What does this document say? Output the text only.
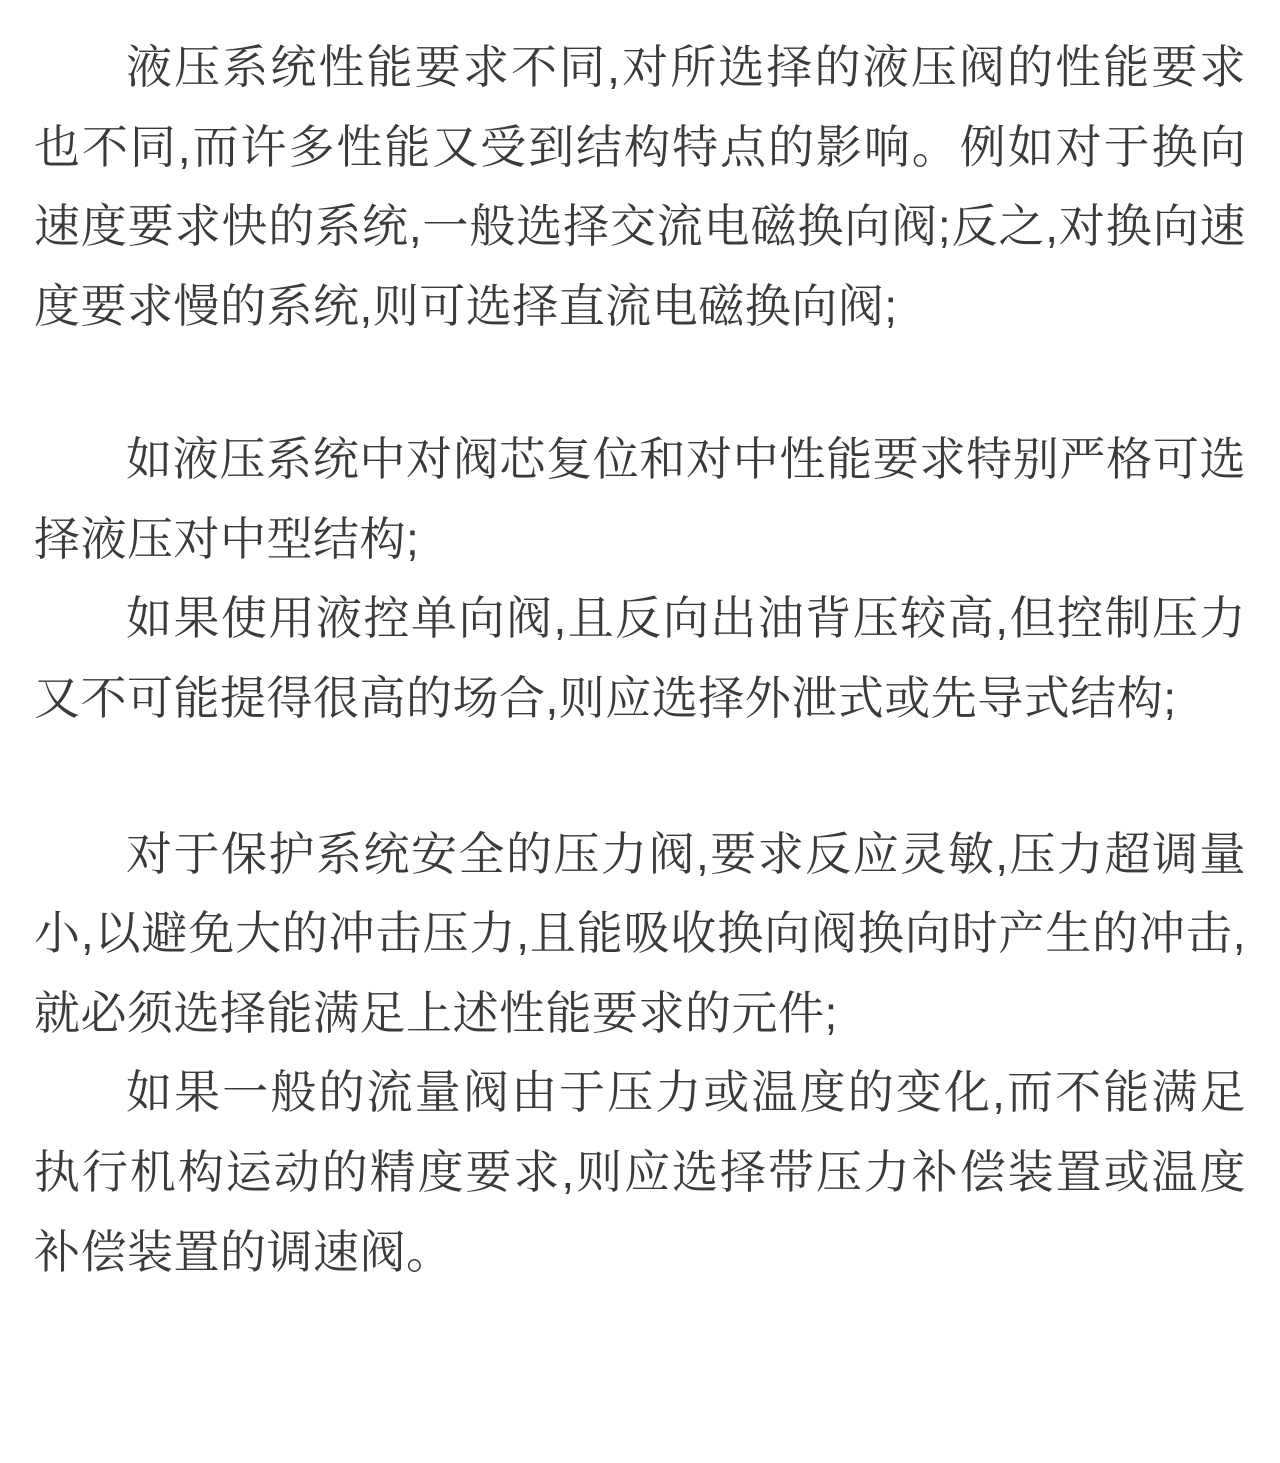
液压系统性能要求不同,对所选择的液压阀的性能要求也不同,而许多性能又受到结构特点的影响。例如对于换向速度要求快的系统,一般选择交流电磁换向阀;反之,对换向速度要求慢的系统,则可选择直流电磁换向阀;

如液压系统中对阀芯复位和对中性能要求特别严格可选择液压对中型结构;

如果使用液控单向阀,且反向出油背压较高,但控制压力又不可能提得很高的场合,则应选择外泄式或先导式结构;

对于保护系统安全的压力阀,要求反应灵敏,压力超调量小,以避免大的冲击压力,且能吸收换向阀换向时产生的冲击,就必须选择能满足上述性能要求的元件;

如果一般的流量阀由于压力或温度的变化,而不能满足执行机构运动的精度要求,则应选择带压力补偿装置或温度补偿装置的调速阀。
